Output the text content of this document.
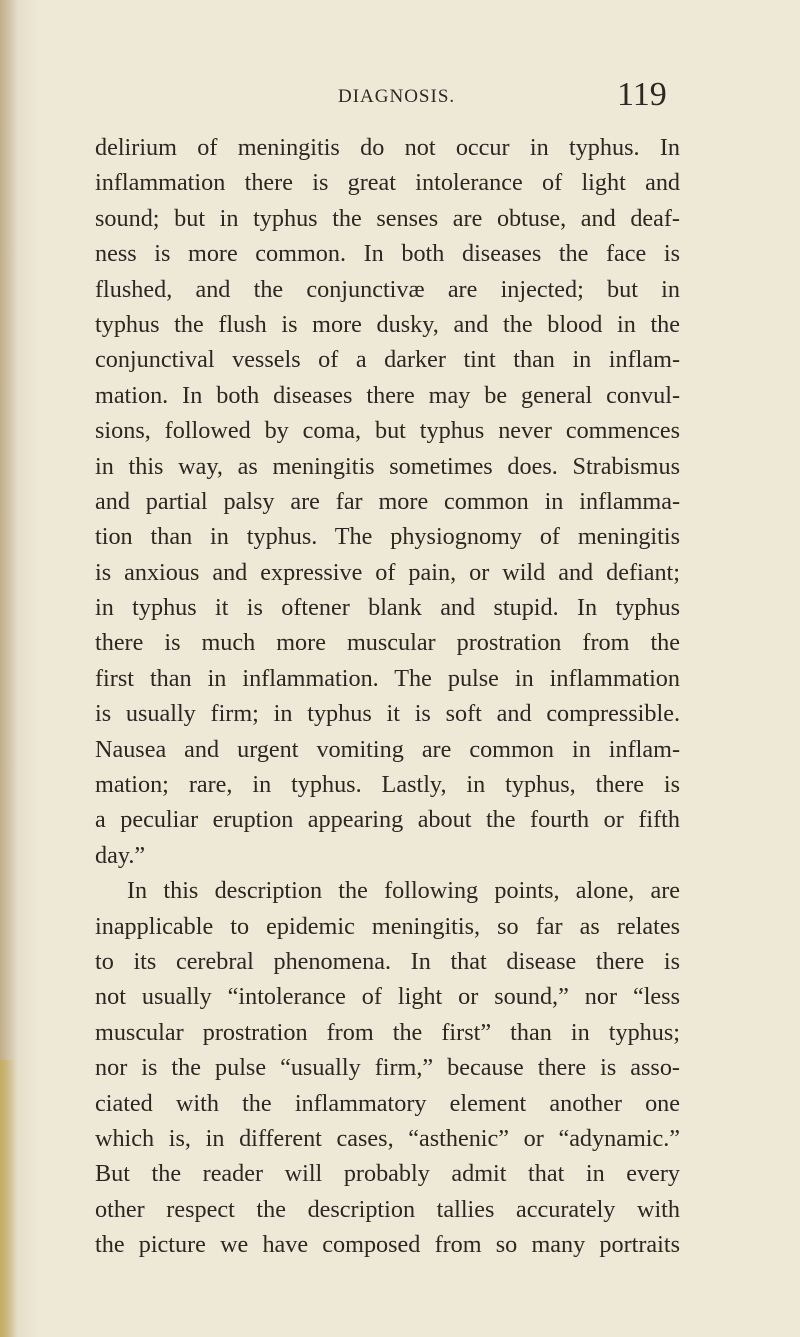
DIAGNOSIS.	119
delirium of meningitis do not occur in typhus. In
inflammation there is great intolerance of light and
sound; but in typhus the senses are obtuse, and deaf-
ness is more common. In both diseases the face is
flushed, and the conjunctivæ are injected; but in
typhus the flush is more dusky, and the blood in the
conjunctival vessels of a darker tint than in inflam-
mation. In both diseases there may be general convul-
sions, followed by coma, but typhus never commences
in this way, as meningitis sometimes does. Strabismus
and partial palsy are far more common in inflamma-
tion than in typhus. The physiognomy of meningitis
is anxious and expressive of pain, or wild and defiant;
in typhus it is oftener blank and stupid. In typhus
there is much more muscular prostration from the
first than in inflammation. The pulse in inflammation
is usually firm; in typhus it is soft and compressible.
Nausea and urgent vomiting are common in inflam-
mation; rare, in typhus. Lastly, in typhus, there is
a peculiar eruption appearing about the fourth or fifth
day.”
In this description the following points, alone, are
inapplicable to epidemic meningitis, so far as relates
to its cerebral phenomena. In that disease there is
not usually “intolerance of light or sound,” nor “less
muscular prostration from the first” than in typhus;
nor is the pulse “usually firm,” because there is asso-
ciated with the inflammatory element another one
which is, in different cases, “asthenic” or “adynamic.”
But the reader will probably admit that in every
other respect the description tallies accurately with
the picture we have composed from so many portraits
